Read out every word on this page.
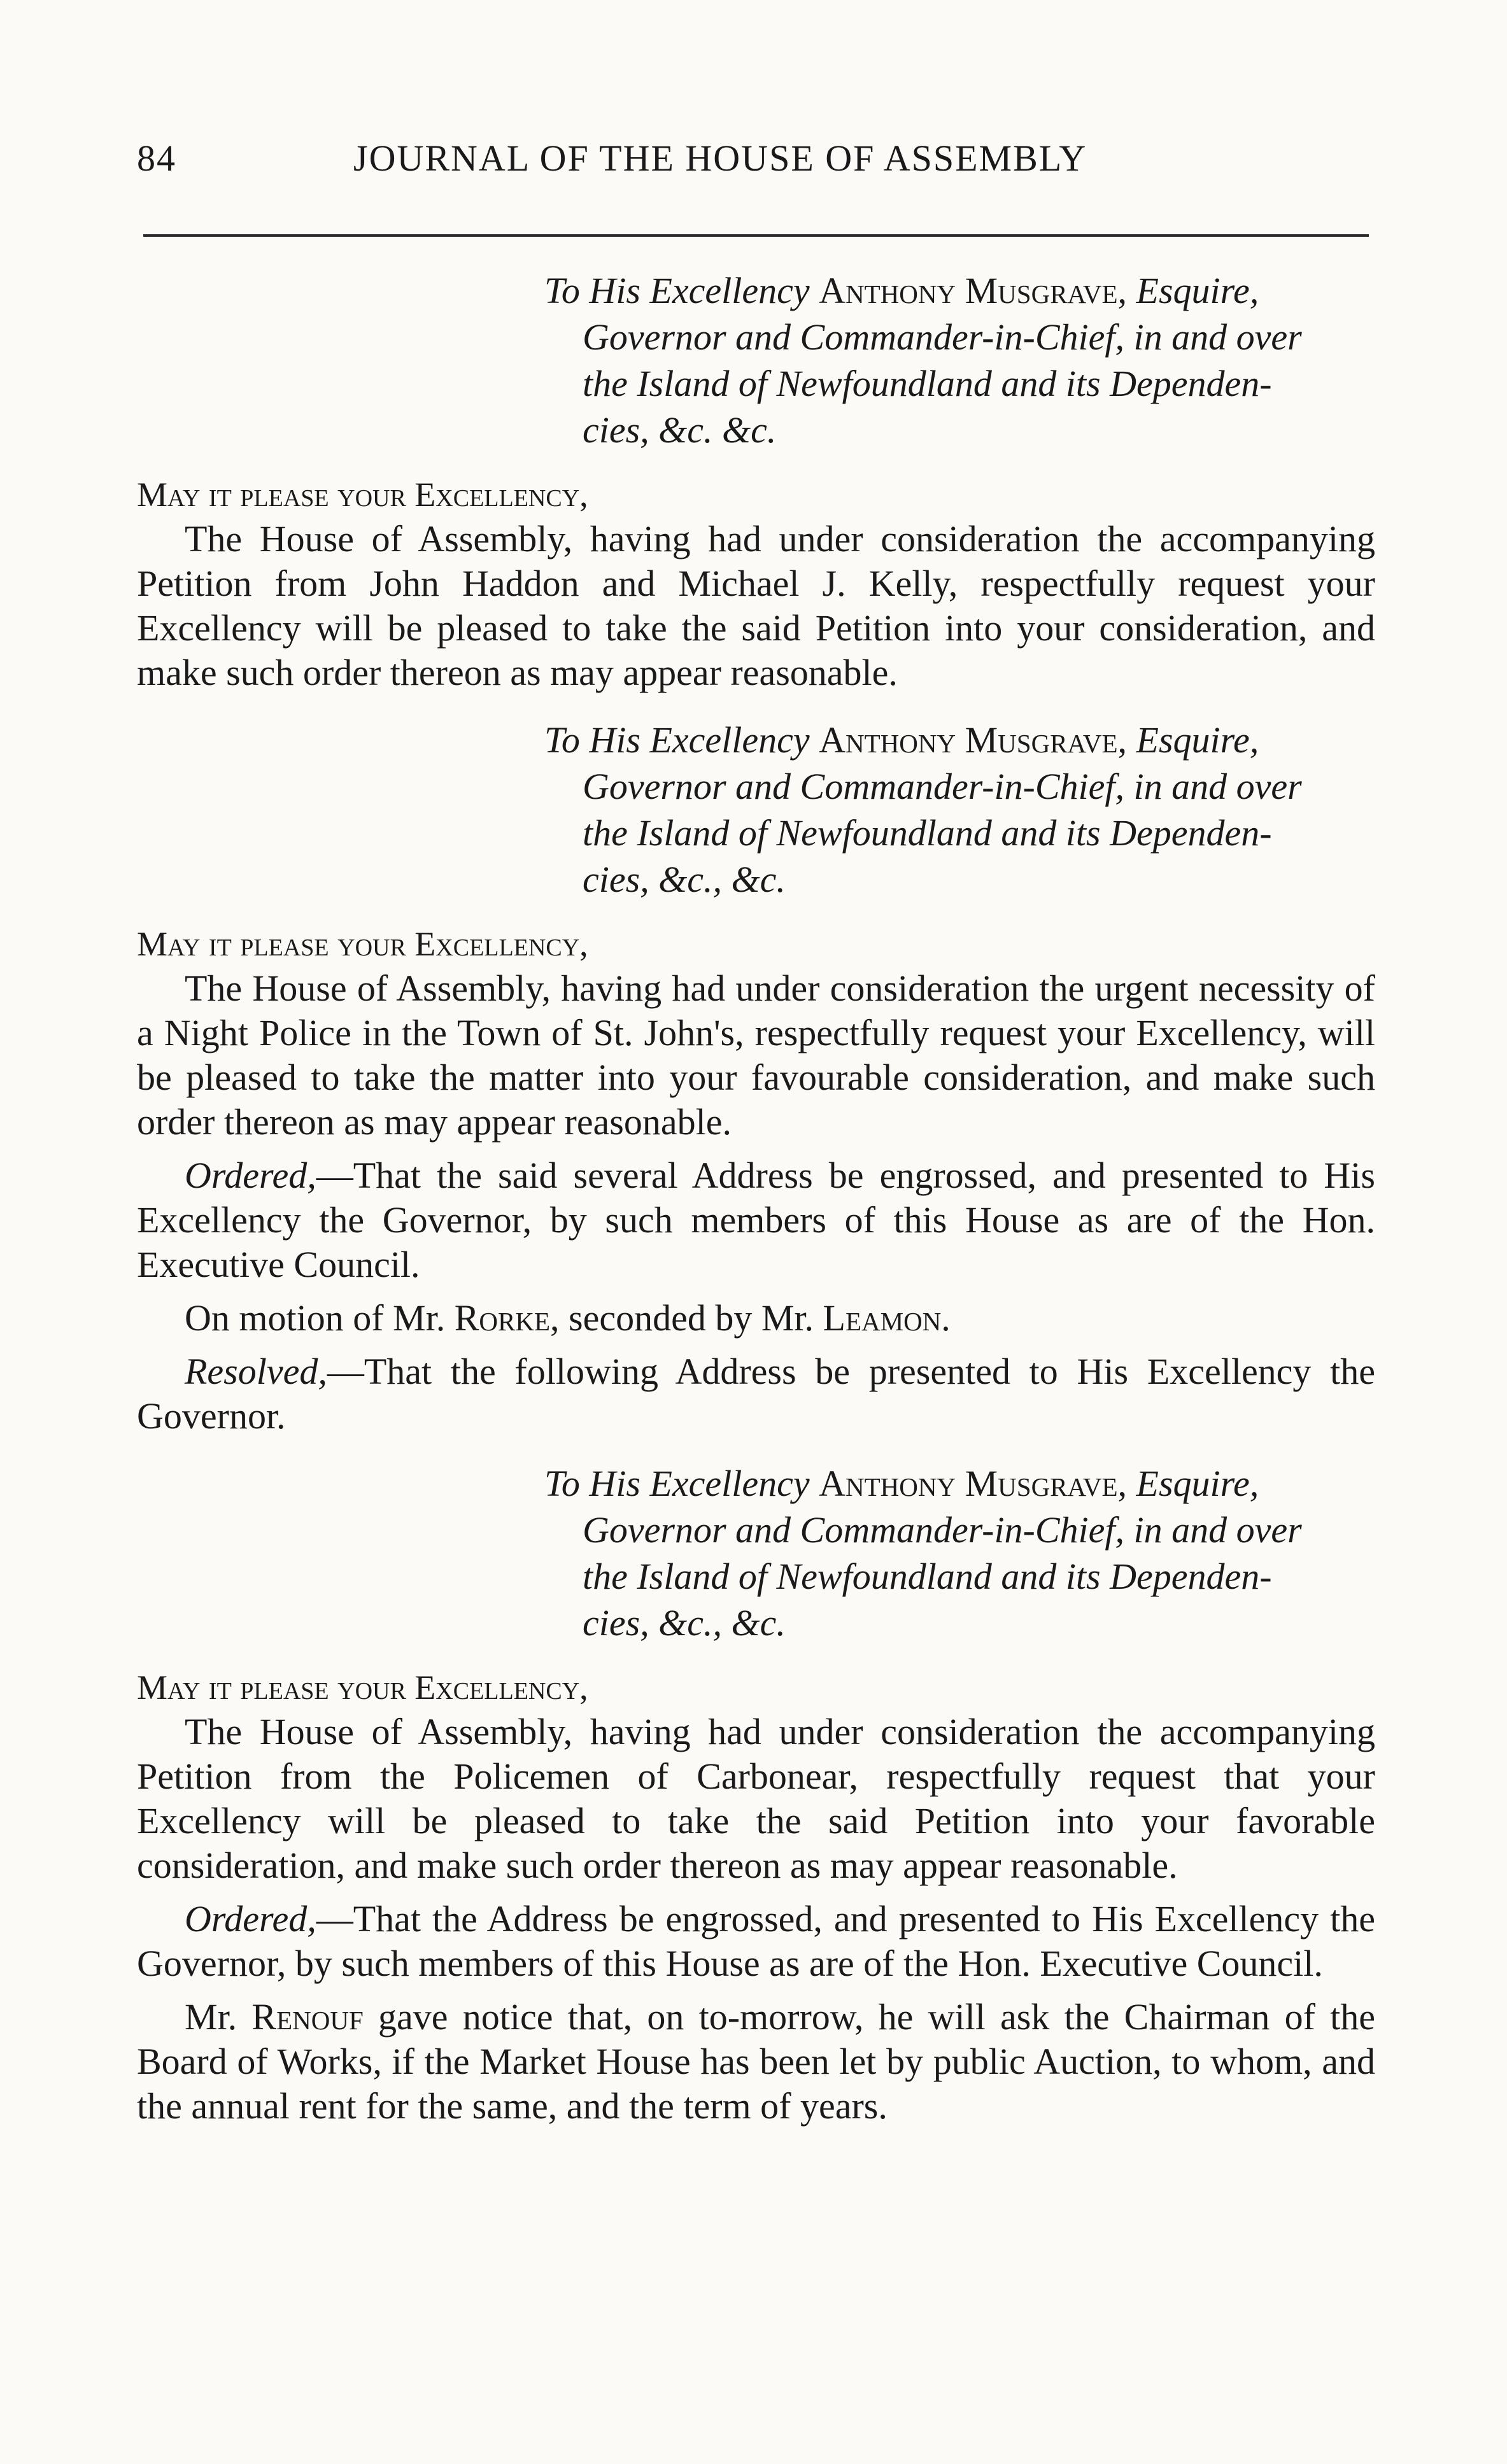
84	JOURNAL OF THE HOUSE OF ASSEMBLY
To His Excellency Anthony Musgrave, Esquire,
Governor and Commander-in-Chief, in and over
the Island of Newfoundland and its Dependen-
cies, &c. &c.
May it please your Excellency,

The House of Assembly, having had under consideration the accompanying Petition from John Haddon and Michael J. Kelly, respectfully request your Excellency will be pleased to take the said Petition into your consideration, and make such order thereon as may appear reasonable.

To His Excellency Anthony Musgrave, Esquire,
Governor and Commander-in-Chief, in and over
the Island of Newfoundland and its Dependen-
cies, &c., &c.
May it please your Excellency,

The House of Assembly, having had under consideration the urgent necessity of a Night Police in the Town of St. John's, respectfully request your Excellency, will be pleased to take the matter into your favourable consideration, and make such order thereon as may appear reasonable.

Ordered,—That the said several Address be engrossed, and presented to His Excellency the Governor, by such members of this House as are of the Hon. Executive Council.

On motion of Mr. Rorke, seconded by Mr. Leamon.

Resolved,—That the following Address be presented to His Excellency the Governor.

To His Excellency Anthony Musgrave, Esquire,
Governor and Commander-in-Chief, in and over
the Island of Newfoundland and its Dependen-
cies, &c., &c.
May it please your Excellency,

The House of Assembly, having had under consideration the accompanying Petition from the Policemen of Carbonear, respectfully request that your Excellency will be pleased to take the said Petition into your favorable consideration, and make such order thereon as may appear reasonable.

Ordered,—That the Address be engrossed, and presented to His Excellency the Governor, by such members of this House as are of the Hon. Executive Council.

Mr. Renouf gave notice that, on to-morrow, he will ask the Chairman of the Board of Works, if the Market House has been let by public Auction, to whom, and the annual rent for the same, and the term of years.
